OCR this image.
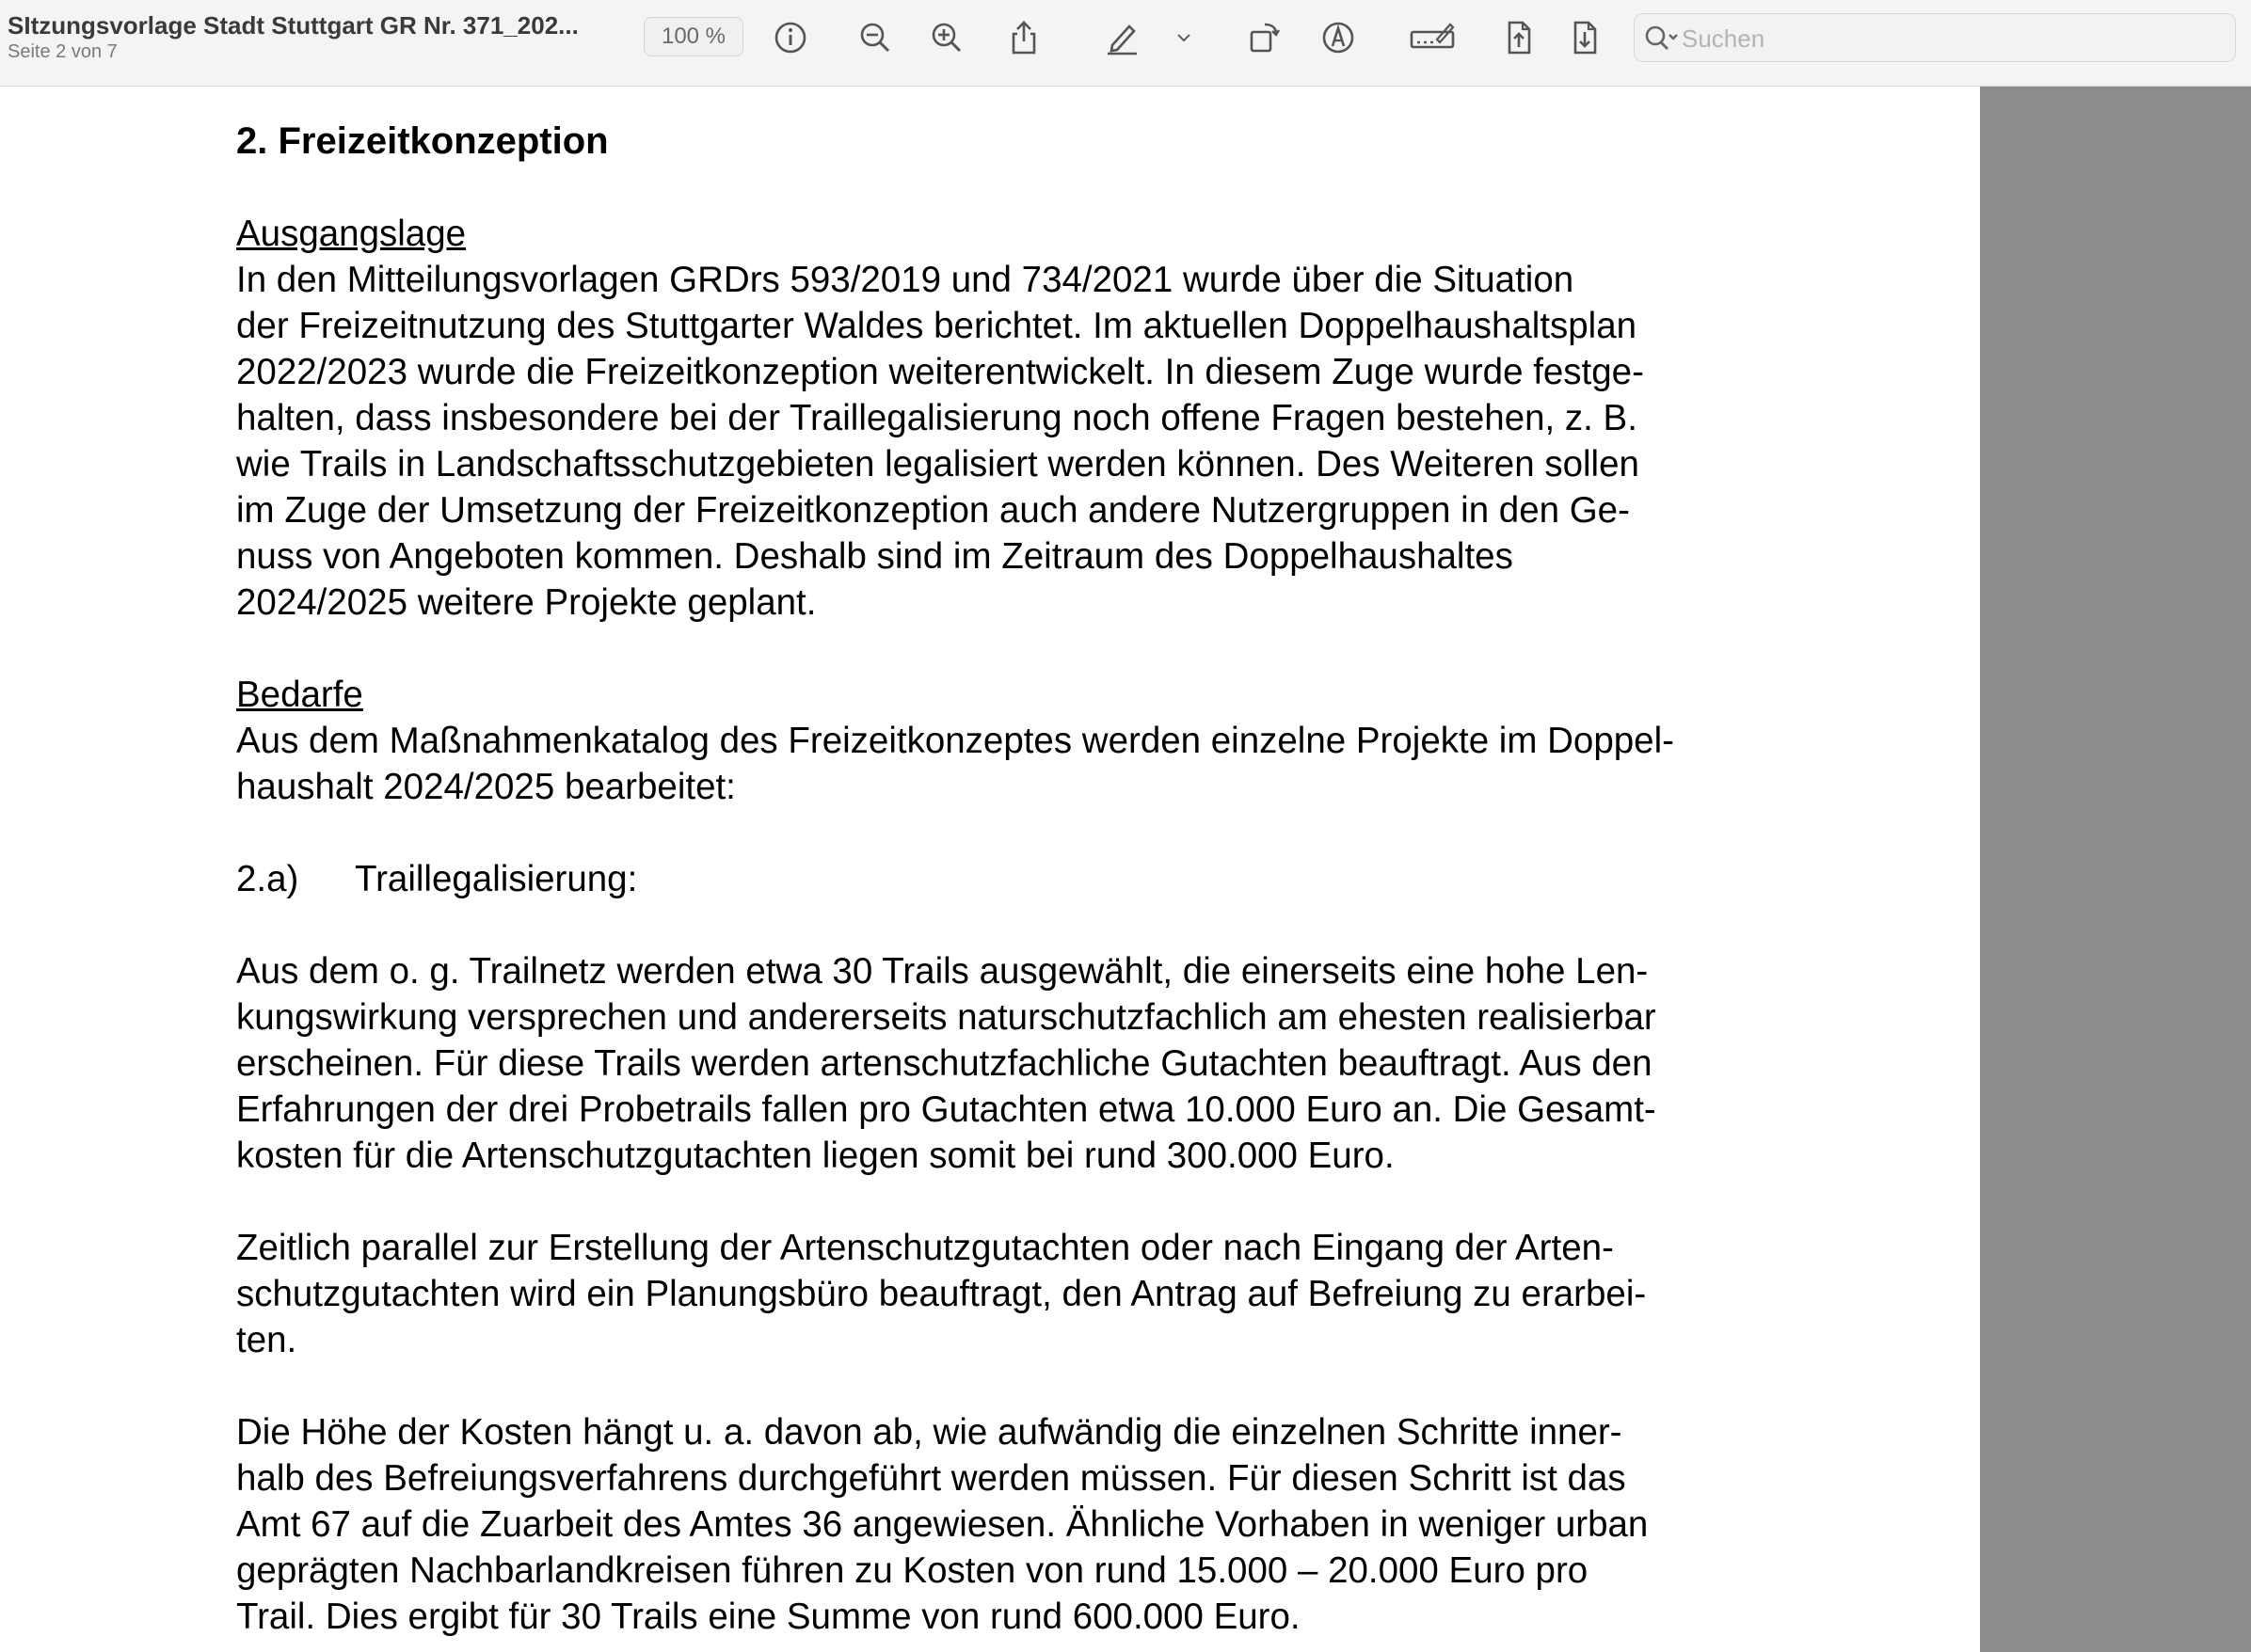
SItzungsvorlage Stadt Stuttgart GR Nr. 371_202...
Seite 2 von 7
100 %
Suchen
2. Freizeitkonzeption
Ausgangslage
In den Mitteilungsvorlagen GRDrs 593/2019 und 734/2021 wurde über die Situation
der Freizeitnutzung des Stuttgarter Waldes berichtet. Im aktuellen Doppelhaushaltsplan
2022/2023 wurde die Freizeitkonzeption weiterentwickelt. In diesem Zuge wurde festge-
halten, dass insbesondere bei der Traillegalisierung noch offene Fragen bestehen, z. B.
wie Trails in Landschaftsschutzgebieten legalisiert werden können. Des Weiteren sollen
im Zuge der Umsetzung der Freizeitkonzeption auch andere Nutzergruppen in den Ge-
nuss von Angeboten kommen. Deshalb sind im Zeitraum des Doppelhaushaltes
2024/2025 weitere Projekte geplant.
Bedarfe
Aus dem Maßnahmenkatalog des Freizeitkonzeptes werden einzelne Projekte im Doppel-
haushalt 2024/2025 bearbeitet:
2.a) Traillegalisierung:
Aus dem o. g. Trailnetz werden etwa 30 Trails ausgewählt, die einerseits eine hohe Len-
kungswirkung versprechen und andererseits naturschutzfachlich am ehesten realisierbar
erscheinen. Für diese Trails werden artenschutzfachliche Gutachten beauftragt. Aus den
Erfahrungen der drei Probetrails fallen pro Gutachten etwa 10.000 Euro an. Die Gesamt-
kosten für die Artenschutzgutachten liegen somit bei rund 300.000 Euro.
Zeitlich parallel zur Erstellung der Artenschutzgutachten oder nach Eingang der Arten-
schutzgutachten wird ein Planungsbüro beauftragt, den Antrag auf Befreiung zu erarbei-
ten.
Die Höhe der Kosten hängt u. a. davon ab, wie aufwändig die einzelnen Schritte inner-
halb des Befreiungsverfahrens durchgeführt werden müssen. Für diesen Schritt ist das
Amt 67 auf die Zuarbeit des Amtes 36 angewiesen. Ähnliche Vorhaben in weniger urban
geprägten Nachbarlandkreisen führen zu Kosten von rund 15.000 – 20.000 Euro pro
Trail. Dies ergibt für 30 Trails eine Summe von rund 600.000 Euro.
